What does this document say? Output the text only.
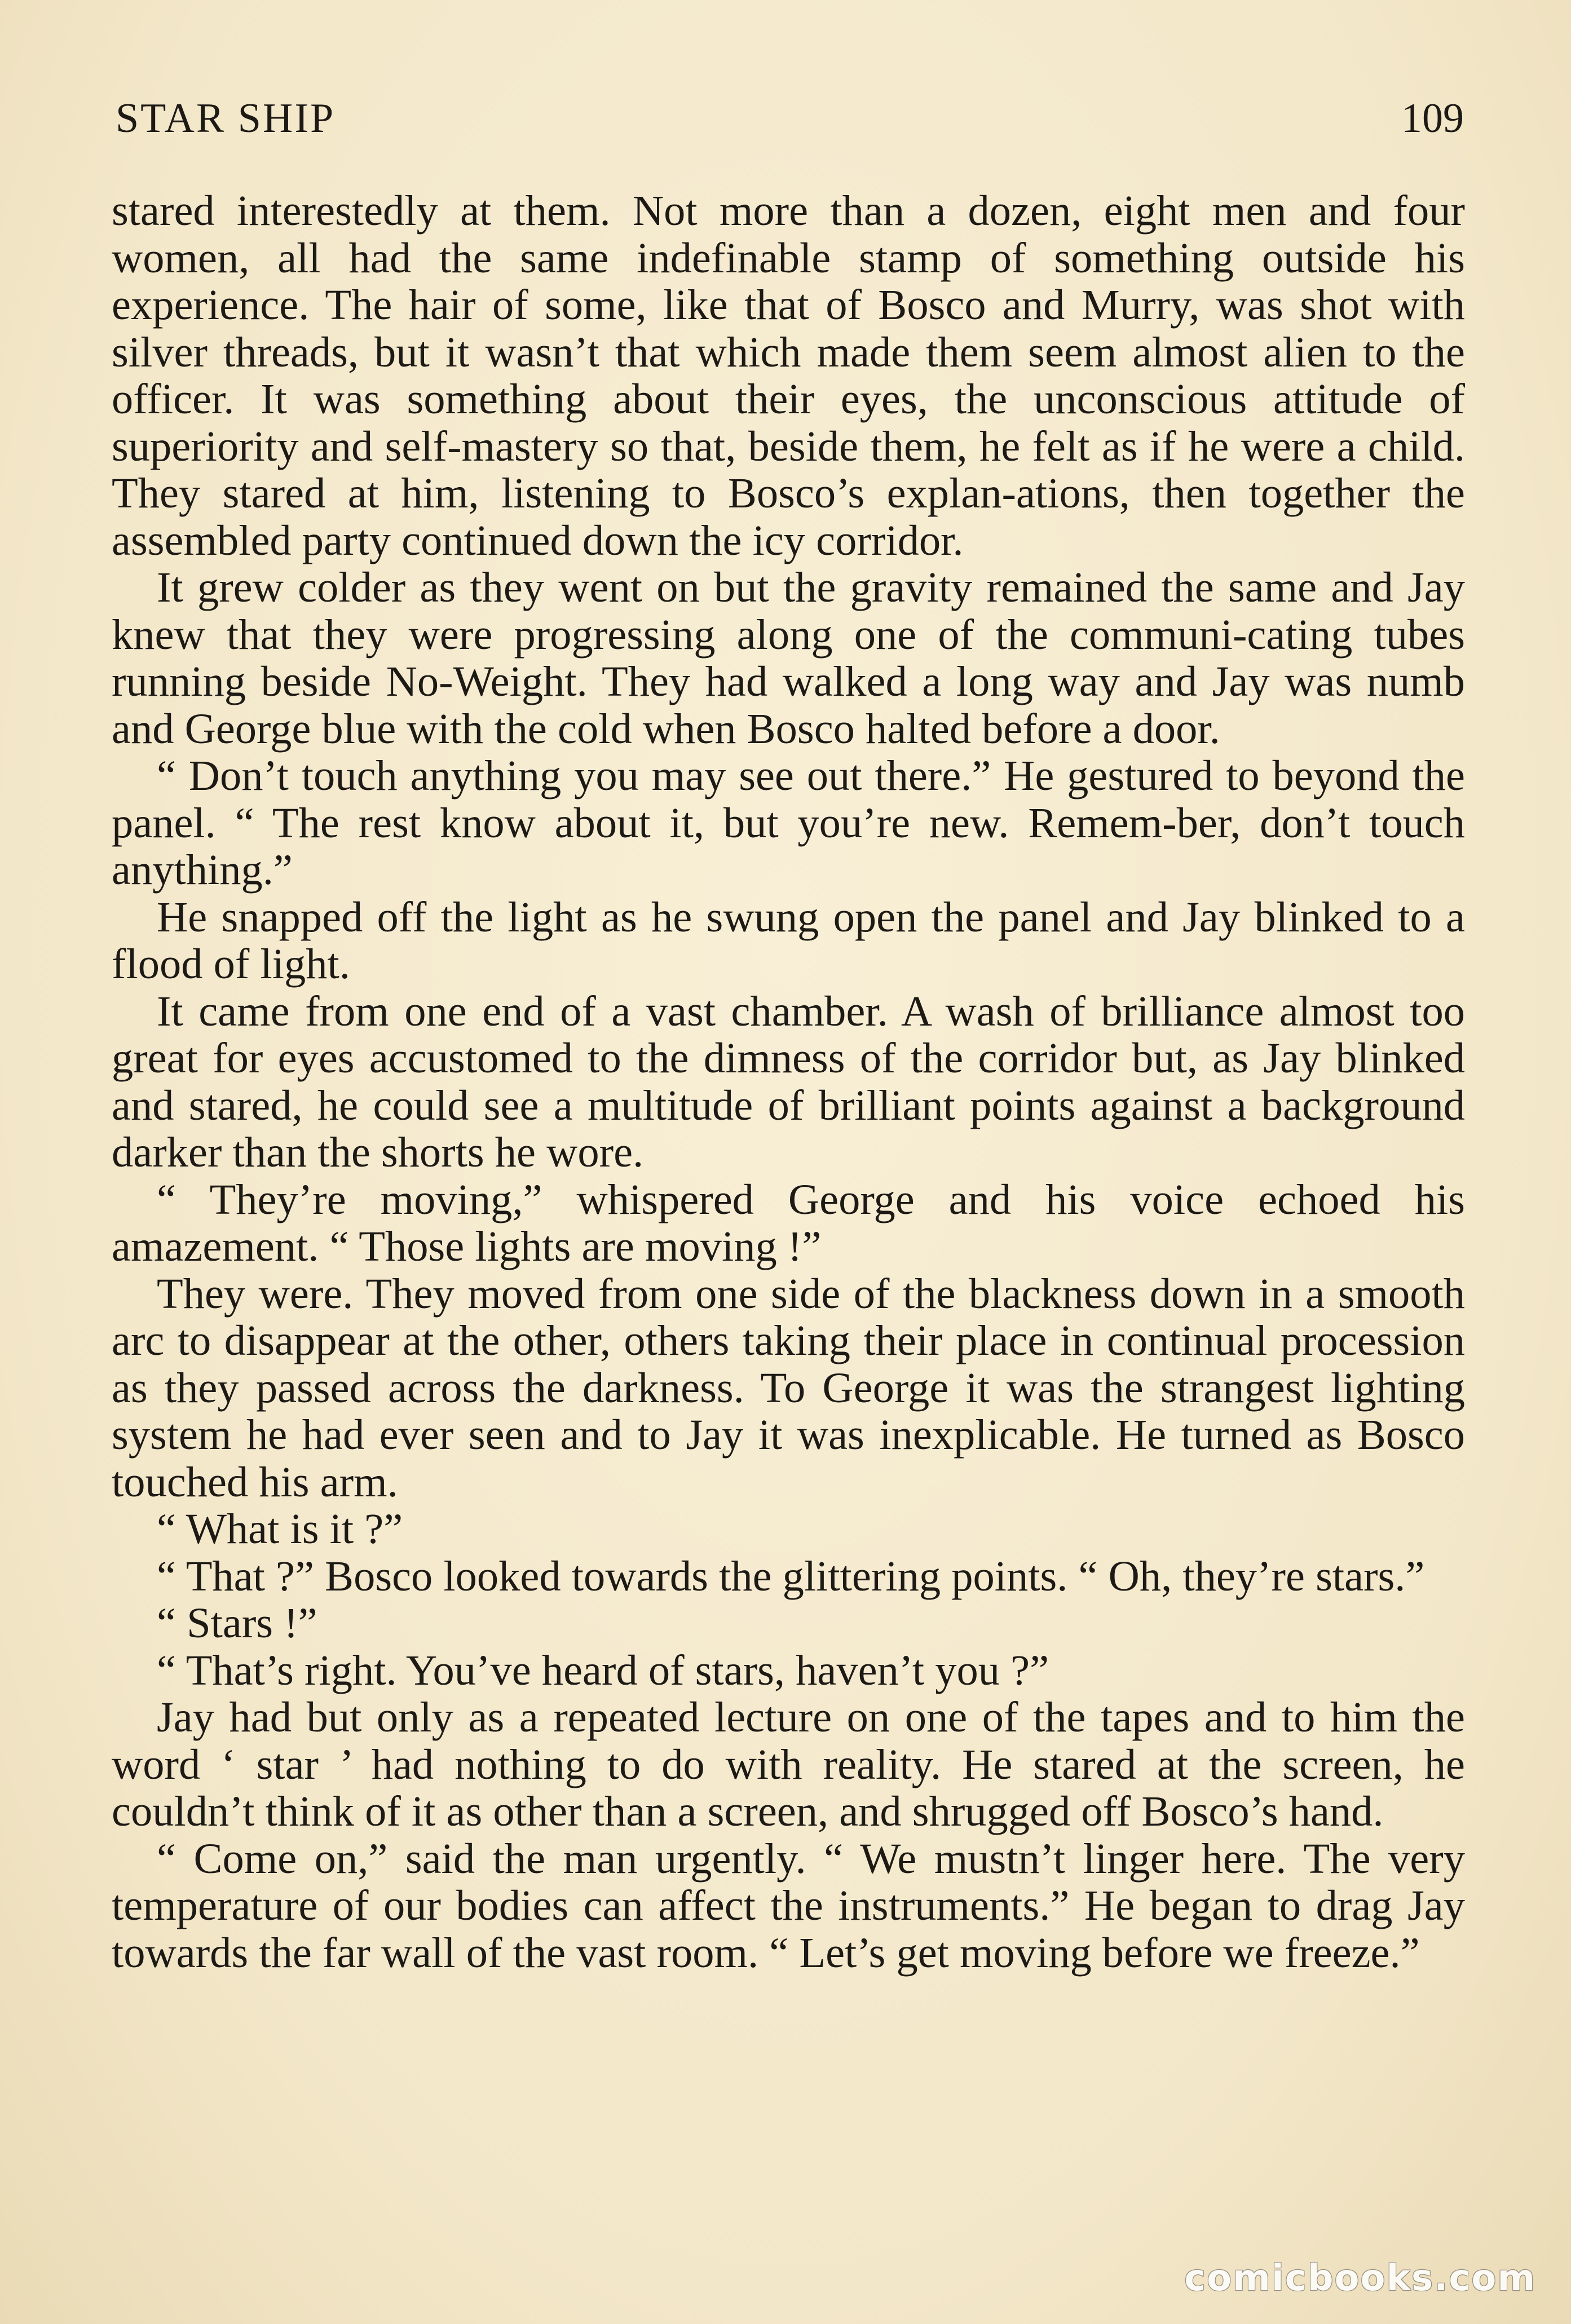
STAR SHIP	109

stared interestedly at them. Not more than a dozen, eight men and four women, all had the same indefinable stamp of something outside his experience. The hair of some, like that of Bosco and Murry, was shot with silver threads, but it wasn’t that which made them seem almost alien to the officer. It was something about their eyes, the unconscious attitude of superiority and self-mastery so that, beside them, he felt as if he were a child. They stared at him, listening to Bosco’s explan-ations, then together the assembled party continued down the icy corridor.

It grew colder as they went on but the gravity remained the same and Jay knew that they were progressing along one of the communi-cating tubes running beside No-Weight. They had walked a long way and Jay was numb and George blue with the cold when Bosco halted before a door.

“ Don’t touch anything you may see out there.” He gestured to beyond the panel. “ The rest know about it, but you’re new. Remem-ber, don’t touch anything.”

He snapped off the light as he swung open the panel and Jay blinked to a flood of light.

It came from one end of a vast chamber. A wash of brilliance almost too great for eyes accustomed to the dimness of the corridor but, as Jay blinked and stared, he could see a multitude of brilliant points against a background darker than the shorts he wore.

“ They’re moving,” whispered George and his voice echoed his amazement. “ Those lights are moving !”

They were. They moved from one side of the blackness down in a smooth arc to disappear at the other, others taking their place in continual procession as they passed across the darkness. To George it was the strangest lighting system he had ever seen and to Jay it was inexplicable. He turned as Bosco touched his arm.

“ What is it ?”

“ That ?” Bosco looked towards the glittering points. “ Oh, they’re stars.”

“ Stars !”

“ That’s right. You’ve heard of stars, haven’t you ?”

Jay had but only as a repeated lecture on one of the tapes and to him the word ‘ star ’ had nothing to do with reality. He stared at the screen, he couldn’t think of it as other than a screen, and shrugged off Bosco’s hand.

“ Come on,” said the man urgently. “ We mustn’t linger here. The very temperature of our bodies can affect the instruments.” He began to drag Jay towards the far wall of the vast room. “ Let’s get moving before we freeze.”

comicbooks.com
